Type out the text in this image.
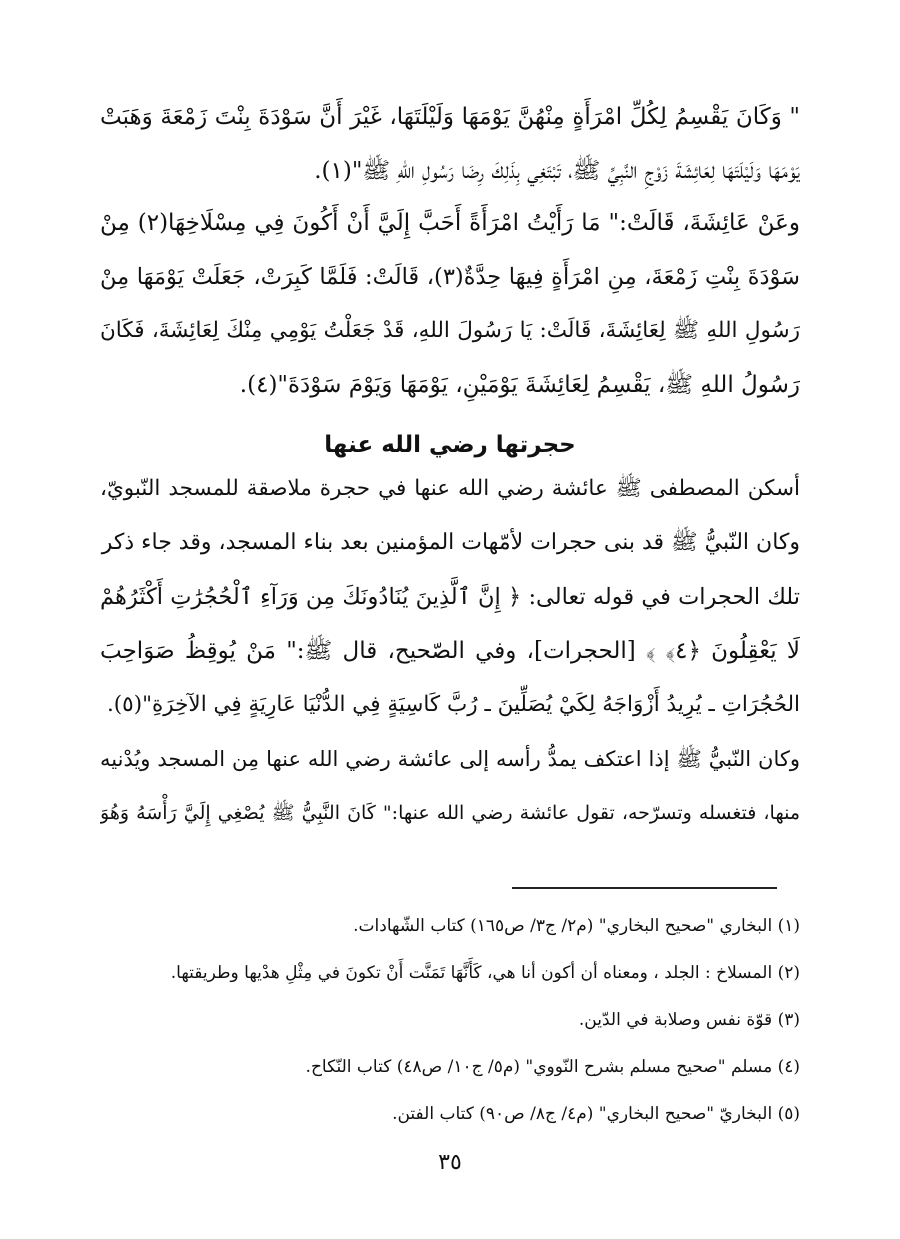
" وَكَانَ يَقْسِمُ لِكُلِّ امْرَأَةٍ مِنْهُنَّ يَوْمَهَا وَلَيْلَتَهَا، غَيْرَ أَنَّ سَوْدَةَ بِنْتَ زَمْعَةَ وَهَبَتْ
يَوْمَهَا وَلَيْلَتَهَا لِعَائِشَةَ زَوْجِ النَّبِيِّ ﷺ، تَبْتَغِي بِذَلِكَ رِضَا رَسُولِ اللهِ ﷺ"(١).
وعَنْ عَائِشَةَ، قَالَتْ:" مَا رَأَيْتُ امْرَأَةً أَحَبَّ إِلَيَّ أَنْ أَكُونَ فِي مِسْلَاخِهَا(٢) مِنْ
سَوْدَةَ بِنْتِ زَمْعَةَ، مِنِ امْرَأَةٍ فِيهَا حِدَّةٌ(٣)، قَالَتْ: فَلَمَّا كَبِرَتْ، جَعَلَتْ يَوْمَهَا مِنْ
رَسُولِ اللهِ ﷺ لِعَائِشَةَ، قَالَتْ: يَا رَسُولَ اللهِ، قَدْ جَعَلْتُ يَوْمِي مِنْكَ لِعَائِشَةَ، فَكَانَ
رَسُولُ اللهِ ﷺ، يَقْسِمُ لِعَائِشَةَ يَوْمَيْنِ، يَوْمَهَا وَيَوْمَ سَوْدَةَ"(٤).
حجرتها رضي الله عنها
أسكن المصطفى ﷺ عائشة رضي الله عنها في حجرة ملاصقة للمسجد النّبويّ،
وكان النّبيُّ ﷺ قد بنى حجرات لأمّهات المؤمنين بعد بناء المسجد، وقد جاء ذكر
تلك الحجرات في قوله تعالى: ﴿ إِنَّ ٱلَّذِينَ يُنَادُونَكَ مِن وَرَآءِ ٱلْحُجُرَٰتِ أَكْثَرُهُمْ
لَا يَعْقِلُونَ ﴿٤﴾ ﴾ [الحجرات]، وفي الصّحيح، قال ﷺ:" مَنْ يُوقِظُ صَوَاحِبَ
الحُجُرَاتِ ـ يُرِيدُ أَزْوَاجَهُ لِكَيْ يُصَلِّينَ ـ رُبَّ كَاسِيَةٍ فِي الدُّنْيَا عَارِيَةٍ فِي الآخِرَةِ"(٥).
وكان النّبيُّ ﷺ إذا اعتكف يمدُّ رأسه إلى عائشة رضي الله عنها مِن المسجد ويُدْنيه
منها، فتغسله وتسرّحه، تقول عائشة رضي الله عنها:" كَانَ النَّبِيُّ ﷺ يُصْغِي إِلَيَّ رَأْسَهُ وَهُوَ
(١) البخاري "صحيح البخاري" (م٢/ ج٣/ ص١٦٥) كتاب الشّهادات.
(٢) المسلاخ : الجلد ، ومعناه أن أكون أنا هي، كَأَنَّهَا تَمَنَّت أَنْ تكونَ في مِثْلِ هدْيها وطريقتها.
(٣) قوّة نفس وصلابة في الدّين.
(٤) مسلم "صحيح مسلم بشرح النّووي" (م٥/ ج١٠/ ص٤٨) كتاب النّكاح.
(٥) البخاريّ "صحيح البخاري" (م٤/ ج٨/ ص٩٠) كتاب الفتن.
٣٥
